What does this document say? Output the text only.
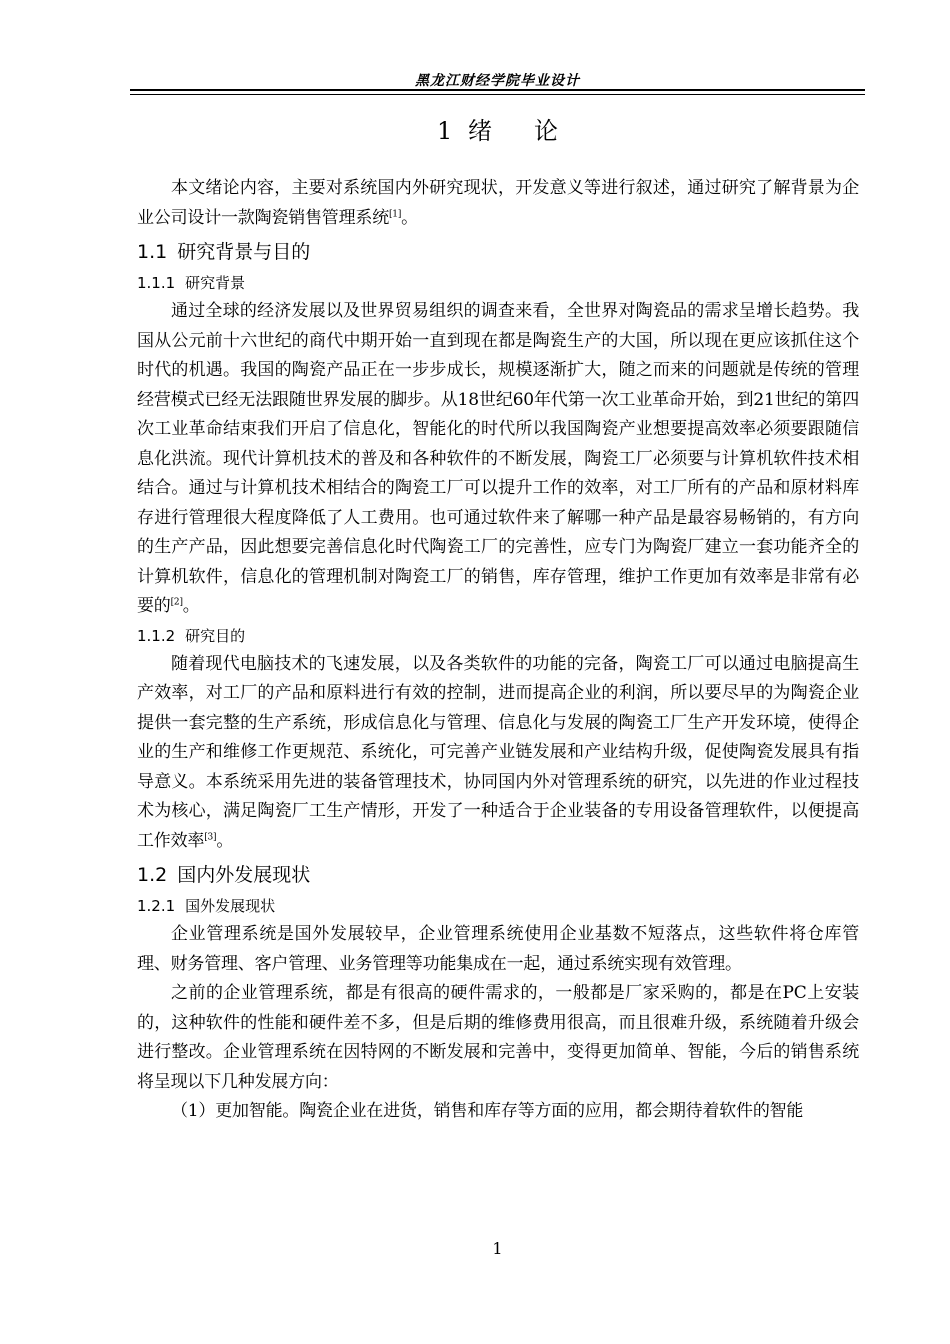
黑龙江财经学院毕业设计
1 绪 论

本文绪论内容，主要对系统国内外研究现状，开发意义等进行叙述，通过研究了解背景为企业公司设计一款陶瓷销售管理系统[1]。

1.1 研究背景与目的
1.1.1 研究背景

通过全球的经济发展以及世界贸易组织的调查来看，全世界对陶瓷品的需求呈增长趋势。我国从公元前十六世纪的商代中期开始一直到现在都是陶瓷生产的大国，所以现在更应该抓住这个时代的机遇。我国的陶瓷产品正在一步步成长，规模逐渐扩大，随之而来的问题就是传统的管理经营模式已经无法跟随世界发展的脚步。从18世纪60年代第一次工业革命开始，到21世纪的第四次工业革命结束我们开启了信息化，智能化的时代所以我国陶瓷产业想要提高效率必须要跟随信息化洪流。现代计算机技术的普及和各种软件的不断发展，陶瓷工厂必须要与计算机软件技术相结合。通过与计算机技术相结合的陶瓷工厂可以提升工作的效率，对工厂所有的产品和原材料库存进行管理很大程度降低了人工费用。也可通过软件来了解哪一种产品是最容易畅销的，有方向的生产产品，因此想要完善信息化时代陶瓷工厂的完善性，应专门为陶瓷厂建立一套功能齐全的计算机软件，信息化的管理机制对陶瓷工厂的销售，库存管理，维护工作更加有效率是非常有必要的[2]。

1.1.2 研究目的

随着现代电脑技术的飞速发展，以及各类软件的功能的完备，陶瓷工厂可以通过电脑提高生产效率，对工厂的产品和原料进行有效的控制，进而提高企业的利润，所以要尽早的为陶瓷企业提供一套完整的生产系统，形成信息化与管理、信息化与发展的陶瓷工厂生产开发环境，使得企业的生产和维修工作更规范、系统化，可完善产业链发展和产业结构升级，促使陶瓷发展具有指导意义。本系统采用先进的装备管理技术，协同国内外对管理系统的研究，以先进的作业过程技术为核心，满足陶瓷厂工生产情形，开发了一种适合于企业装备的专用设备管理软件，以便提高工作效率[3]。

1.2 国内外发展现状
1.2.1 国外发展现状

企业管理系统是国外发展较早，企业管理系统使用企业基数不短落点，这些软件将仓库管理、财务管理、客户管理、业务管理等功能集成在一起，通过系统实现有效管理。

之前的企业管理系统，都是有很高的硬件需求的，一般都是厂家采购的，都是在PC上安装的，这种软件的性能和硬件差不多，但是后期的维修费用很高，而且很难升级，系统随着升级会进行整改。企业管理系统在因特网的不断发展和完善中，变得更加简单、智能，今后的销售系统将呈现以下几种发展方向：

（1）更加智能。陶瓷企业在进货，销售和库存等方面的应用，都会期待着软件的智能

1
